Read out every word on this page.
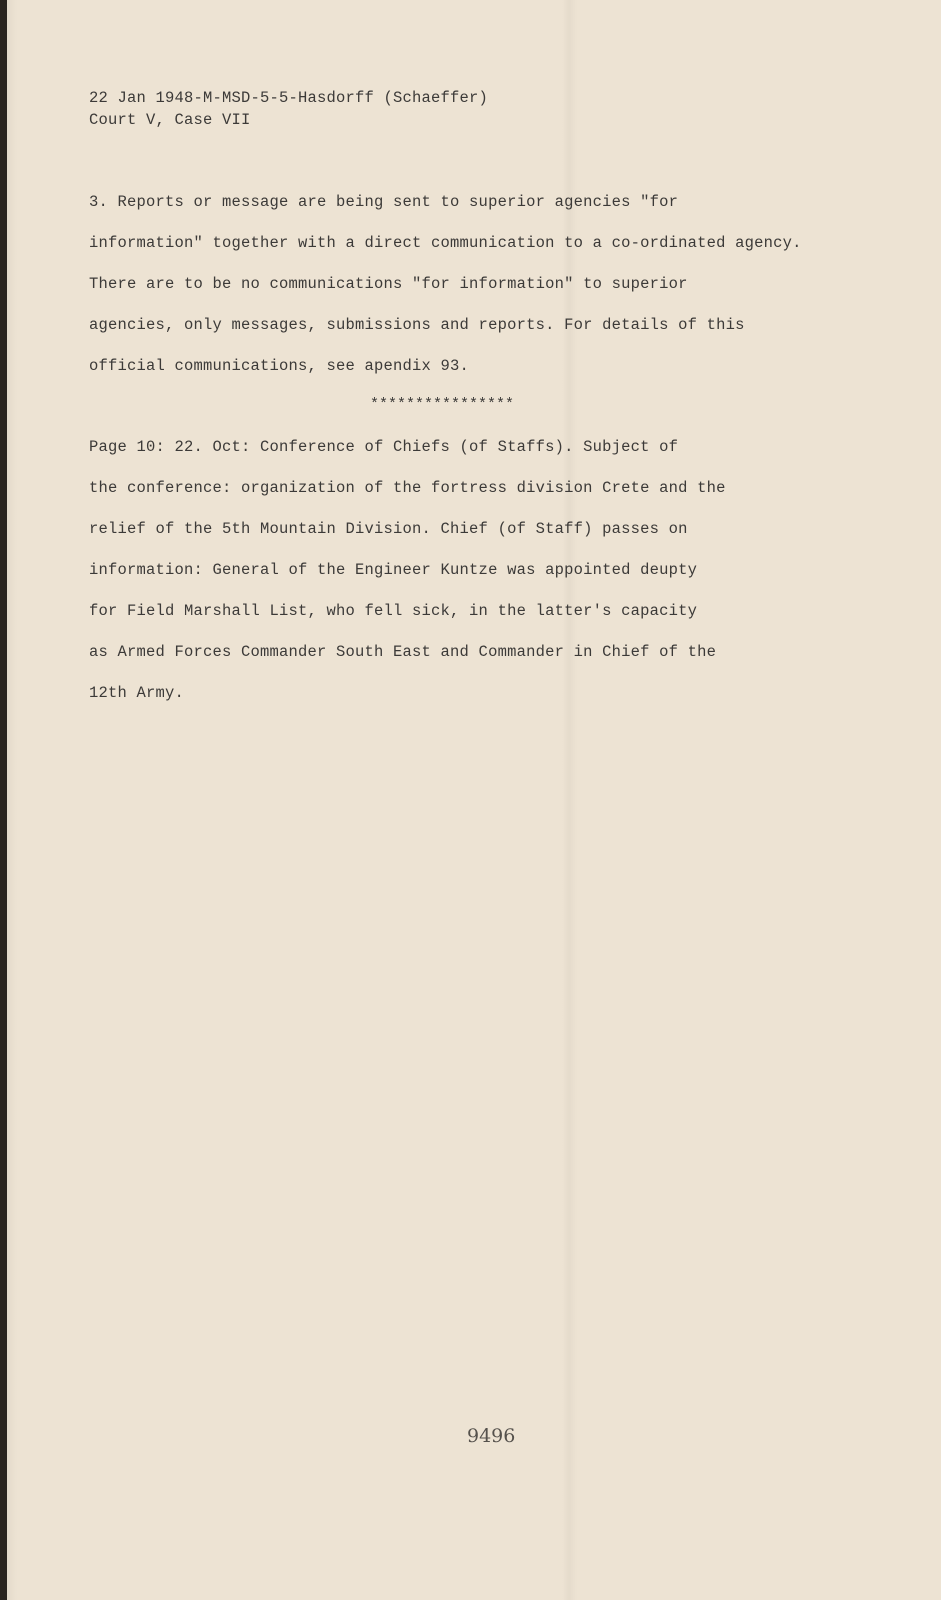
22 Jan 1948-M-MSD-5-5-Hasdorff (Schaeffer)
Court V, Case VII
3. Reports or message are being sent to superior agencies "for
information" together with a direct communication to a co-ordinated agency.
There are to be no communications "for information" to superior
agencies, only messages, submissions and reports. For details of this
official communications, see apendix 93.
****************
Page 10: 22. Oct: Conference of Chiefs (of Staffs). Subject of
the conference: organization of the fortress division Crete and the
relief of the 5th Mountain Division. Chief (of Staff) passes on
information: General of the Engineer Kuntze was appointed deupty
for Field Marshall List, who fell sick, in the latter's capacity
as Armed Forces Commander South East and Commander in Chief of the
12th Army.
9496
